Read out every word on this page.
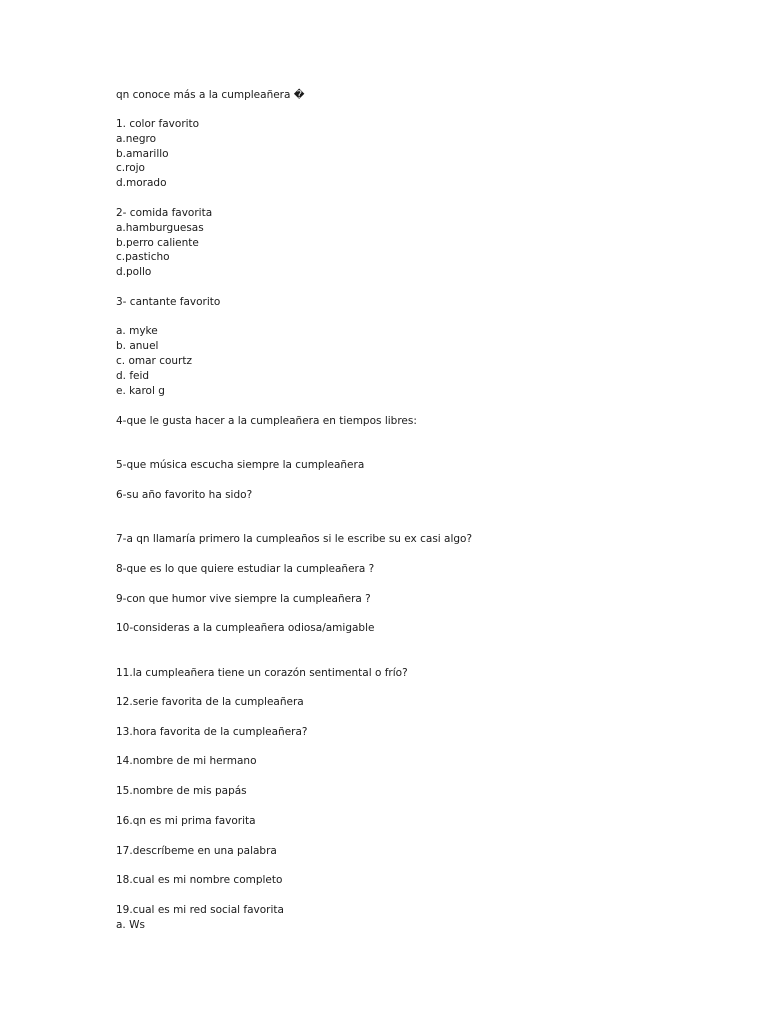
qn conoce más a la cumpleañera �

1. color favorito

a.negro

b.amarillo

c.rojo

d.morado

2- comida favorita

a.hamburguesas

b.perro caliente

c.pasticho

d.pollo

3- cantante favorito

a. myke

b. anuel

c. omar courtz

d. feid

e. karol g

4-que le gusta hacer a la cumpleañera en tiempos libres:

5-que música escucha siempre la cumpleañera

6-su año favorito ha sido?

7-a qn llamaría primero la cumpleaños si le escribe su ex casi algo?

8-que es lo que quiere estudiar la cumpleañera ?

9-con que humor vive siempre la cumpleañera ?

10-consideras a la cumpleañera odiosa/amigable

11.la cumpleañera tiene un corazón sentimental o frío?

12.serie favorita de la cumpleañera

13.hora favorita de la cumpleañera?

14.nombre de mi hermano

15.nombre de mis papás

16.qn es mi prima favorita

17.descríbeme en una palabra

18.cual es mi nombre completo

19.cual es mi red social favorita

a. Ws
